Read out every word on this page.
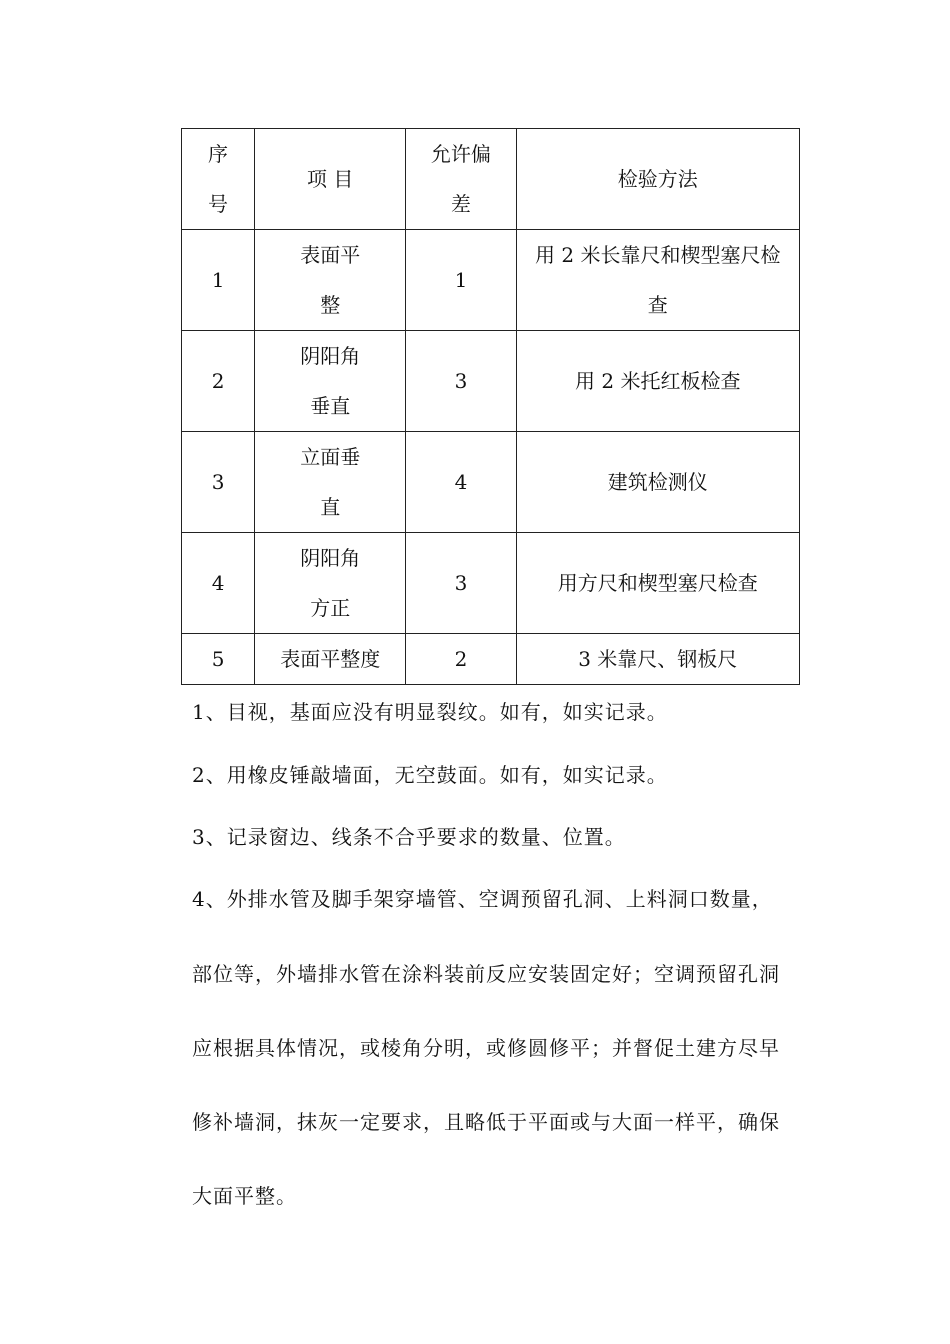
序号	项 目	允许偏差	检验方法

1	表面平整	1	用 2 米长靠尺和楔型塞尺检查

2	阴阳角垂直	3	用 2 米托红板检查

3	立面垂直	4	建筑检测仪

4	阴阳角方正	3	用方尺和楔型塞尺检查

5	表面平整度	2	3 米靠尺、钢板尺
1、目视，基面应没有明显裂纹。如有，如实记录。
2、用橡皮锤敲墙面，无空鼓面。如有，如实记录。
3、记录窗边、线条不合乎要求的数量、位置。
4、外排水管及脚手架穿墙管、空调预留孔洞、上料洞口数量，
部位等，外墙排水管在涂料装前反应安装固定好；空调预留孔洞
应根据具体情况，或棱角分明，或修圆修平；并督促土建方尽早
修补墙洞，抹灰一定要求，且略低于平面或与大面一样平，确保
大面平整。
